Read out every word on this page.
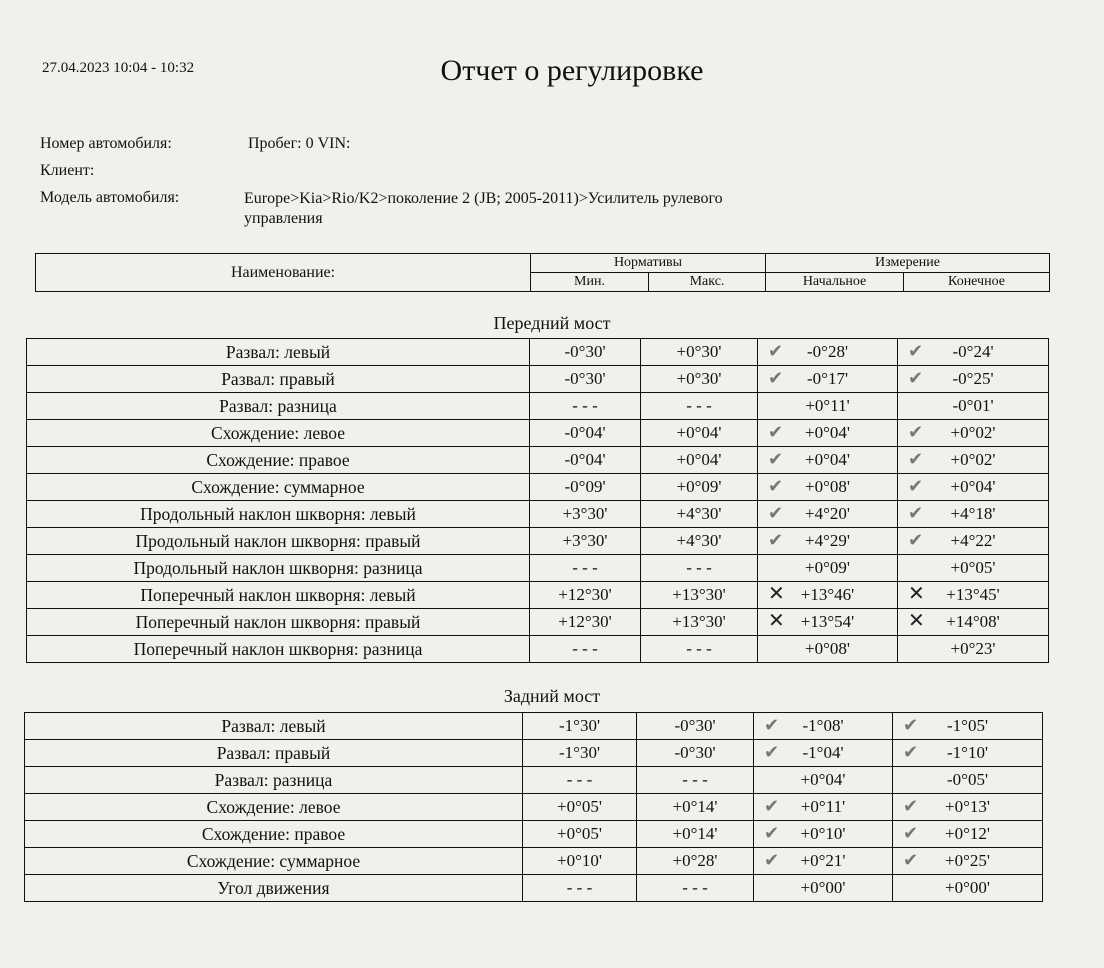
27.04.2023 10:04 - 10:32	Отчет о регулировке
Номер автомобиля:	Пробег: 0 VIN:
Клиент:
Модель автомобиля:	Europe>Kia>Rio/K2>поколение 2 (JB; 2005-2011)>Усилитель рулевого управления
Наименование:	Нормативы		Измерение	
	Мин.	Макс.	Начальное	Конечное
Передний мост
Развал: левый	-0°30'	+0°30'	✔ -0°28'	✔ -0°24'

Развал: правый	-0°30'	+0°30'	✔ -0°17'	✔ -0°25'

Развал: разница	- - -	- - -	+0°11'	-0°01'

Схождение: левое	-0°04'	+0°04'	✔ +0°04'	✔ +0°02'

Схождение: правое	-0°04'	+0°04'	✔ +0°04'	✔ +0°02'

Схождение: суммарное	-0°09'	+0°09'	✔ +0°08'	✔ +0°04'

Продольный наклон шкворня: левый	+3°30'	+4°30'	✔ +4°20'	✔ +4°18'

Продольный наклон шкворня: правый	+3°30'	+4°30'	✔ +4°29'	✔ +4°22'

Продольный наклон шкворня: разница	- - -	- - -	+0°09'	+0°05'

Поперечный наклон шкворня: левый	+12°30'	+13°30'	✕ +13°46'	✕ +13°45'

Поперечный наклон шкворня: правый	+12°30'	+13°30'	✕ +13°54'	✕ +14°08'

Поперечный наклон шкворня: разница	- - -	- - -	+0°08'	+0°23'
Задний мост
Развал: левый	-1°30'	-0°30'	✔ -1°08'	✔ -1°05'

Развал: правый	-1°30'	-0°30'	✔ -1°04'	✔ -1°10'

Развал: разница	- - -	- - -	+0°04'	-0°05'

Схождение: левое	+0°05'	+0°14'	✔ +0°11'	✔ +0°13'

Схождение: правое	+0°05'	+0°14'	✔ +0°10'	✔ +0°12'

Схождение: суммарное	+0°10'	+0°28'	✔ +0°21'	✔ +0°25'

Угол движения	- - -	- - -	+0°00'	+0°00'
